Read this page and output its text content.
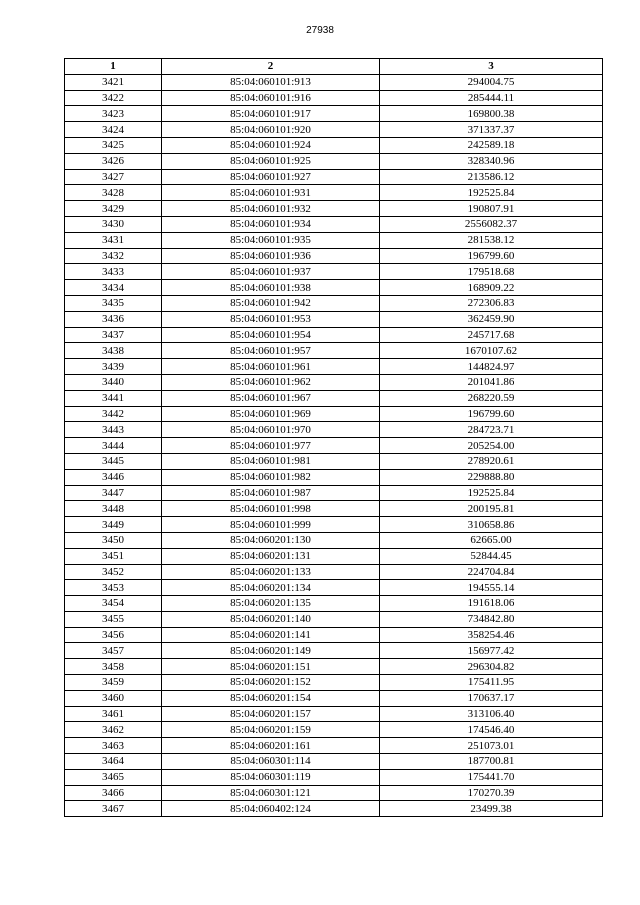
27938
1	2	3
3421	85:04:060101:913	294004.75
3422	85:04:060101:916	285444.11
3423	85:04:060101:917	169800.38
3424	85:04:060101:920	371337.37
3425	85:04:060101:924	242589.18
3426	85:04:060101:925	328340.96
3427	85:04:060101:927	213586.12
3428	85:04:060101:931	192525.84
3429	85:04:060101:932	190807.91
3430	85:04:060101:934	2556082.37
3431	85:04:060101:935	281538.12
3432	85:04:060101:936	196799.60
3433	85:04:060101:937	179518.68
3434	85:04:060101:938	168909.22
3435	85:04:060101:942	272306.83
3436	85:04:060101:953	362459.90
3437	85:04:060101:954	245717.68
3438	85:04:060101:957	1670107.62
3439	85:04:060101:961	144824.97
3440	85:04:060101:962	201041.86
3441	85:04:060101:967	268220.59
3442	85:04:060101:969	196799.60
3443	85:04:060101:970	284723.71
3444	85:04:060101:977	205254.00
3445	85:04:060101:981	278920.61
3446	85:04:060101:982	229888.80
3447	85:04:060101:987	192525.84
3448	85:04:060101:998	200195.81
3449	85:04:060101:999	310658.86
3450	85:04:060201:130	62665.00
3451	85:04:060201:131	52844.45
3452	85:04:060201:133	224704.84
3453	85:04:060201:134	194555.14
3454	85:04:060201:135	191618.06
3455	85:04:060201:140	734842.80
3456	85:04:060201:141	358254.46
3457	85:04:060201:149	156977.42
3458	85:04:060201:151	296304.82
3459	85:04:060201:152	175411.95
3460	85:04:060201:154	170637.17
3461	85:04:060201:157	313106.40
3462	85:04:060201:159	174546.40
3463	85:04:060201:161	251073.01
3464	85:04:060301:114	187700.81
3465	85:04:060301:119	175441.70
3466	85:04:060301:121	170270.39
3467	85:04:060402:124	23499.38
